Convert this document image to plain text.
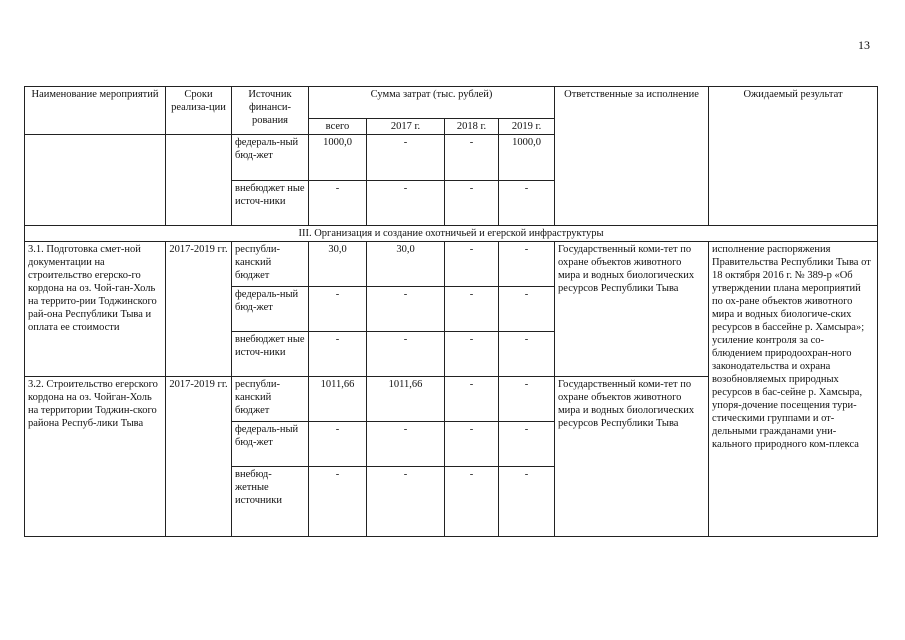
13
Наименование мероприятий	Сроки реализа-ции	Источник финанси-рования	Сумма затрат (тыс. рублей)				Ответственные за исполнение	Ожидаемый результат	
			всего	2017 г.	2018 г.	2019 г.			
		федераль-ный бюд-жет	1000,0	-	-	1000,0			
		внебюджет ные источ-ники	-	-	-	-			
III. Организация и создание охотничьей и егерской инфраструктуры									
3.1. Подготовка смет-ной документации на строительство егерско-го кордона на оз. Чой-ган-Холь на террито-рии Тоджинского рай-она Республики Тыва и оплата ее стоимости	2017-2019 гг.	республи-канский бюджет	30,0	30,0	-	-	Государственный коми-тет по охране объектов животного мира и водных биологических ресурсов Республики Тыва	исполнение распоряжения Правительства Республики Тыва от 18 октября 2016 г. № 389-р «Об утверждении плана мероприятий по ох-ране объектов животного мира и водных биологиче-ских ресурсов в бассейне р. Хамсыра»; усиление контроля за со-блюдением природоохран-ного законодательства и охрана возобновляемых природных ресурсов в бас-сейне р. Хамсыра, упоря-дочение посещения тури-стическими группами и от-дельными гражданами уни-кального природного ком-плекса	
		федераль-ный бюд-жет	-	-	-	-			
		внебюджет ные источ-ники	-	-	-	-			
3.2. Строительство егерского кордона на оз. Чойган-Холь на территории Тоджин-ского района Респуб-лики Тыва	2017-2019 гг.	республи-канский бюджет	1011,66	1011,66	-	-	Государственный коми-тет по охране объектов животного мира и водных биологических ресурсов Республики Тыва		
		федераль-ный бюд-жет	-	-	-	-			
		внебюд-жетные источники	-	-	-	-			
